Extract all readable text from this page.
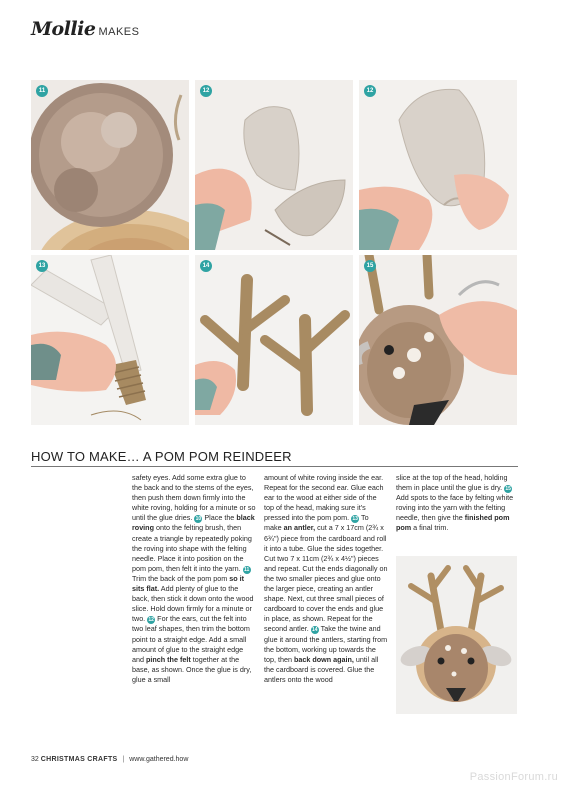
Mollie MAKES
11	12	12
13	14	15
HOW TO MAKE… A POM POM REINDEER

safety eyes. Add some extra glue to the back and to the stems of the eyes, then push them down firmly into the white roving, holding for a minute or so until the glue dries. 10 Place the black roving onto the felting brush, then create a triangle by repeatedly poking the roving into shape with the felting needle. Place it into position on the pom pom, then felt it into the yarn. 11 Trim the back of the pom pom so it sits flat. Add plenty of glue to the back, then stick it down onto the wood slice. Hold down firmly for a minute or two. 12 For the ears, cut the felt into two leaf shapes, then trim the bottom point to a straight edge. Add a small amount of glue to the straight edge and pinch the felt together at the base, as shown. Once the glue is dry, glue a small

amount of white roving inside the ear. Repeat for the second ear. Glue each ear to the wood at either side of the top of the head, making sure it's pressed into the pom pom. 13 To make an antler, cut a 7 x 17cm (2¾ x 6¾") piece from the cardboard and roll it into a tube. Glue the sides together. Cut two 7 x 11cm (2¾ x 4½") pieces and repeat. Cut the ends diagonally on the two smaller pieces and glue onto the larger piece, creating an antler shape. Next, cut three small pieces of cardboard to cover the ends and glue in place, as shown. Repeat for the second antler. 14 Take the twine and glue it around the antlers, starting from the bottom, working up towards the top, then back down again, until all the cardboard is covered. Glue the antlers onto the wood

slice at the top of the head, holding them in place until the glue is dry. 15 Add spots to the face by felting white roving into the yarn with the felting needle, then give the finished pom pom a final trim.

32 CHRISTMAS CRAFTS | www.gathered.how
PassionForum.ru
